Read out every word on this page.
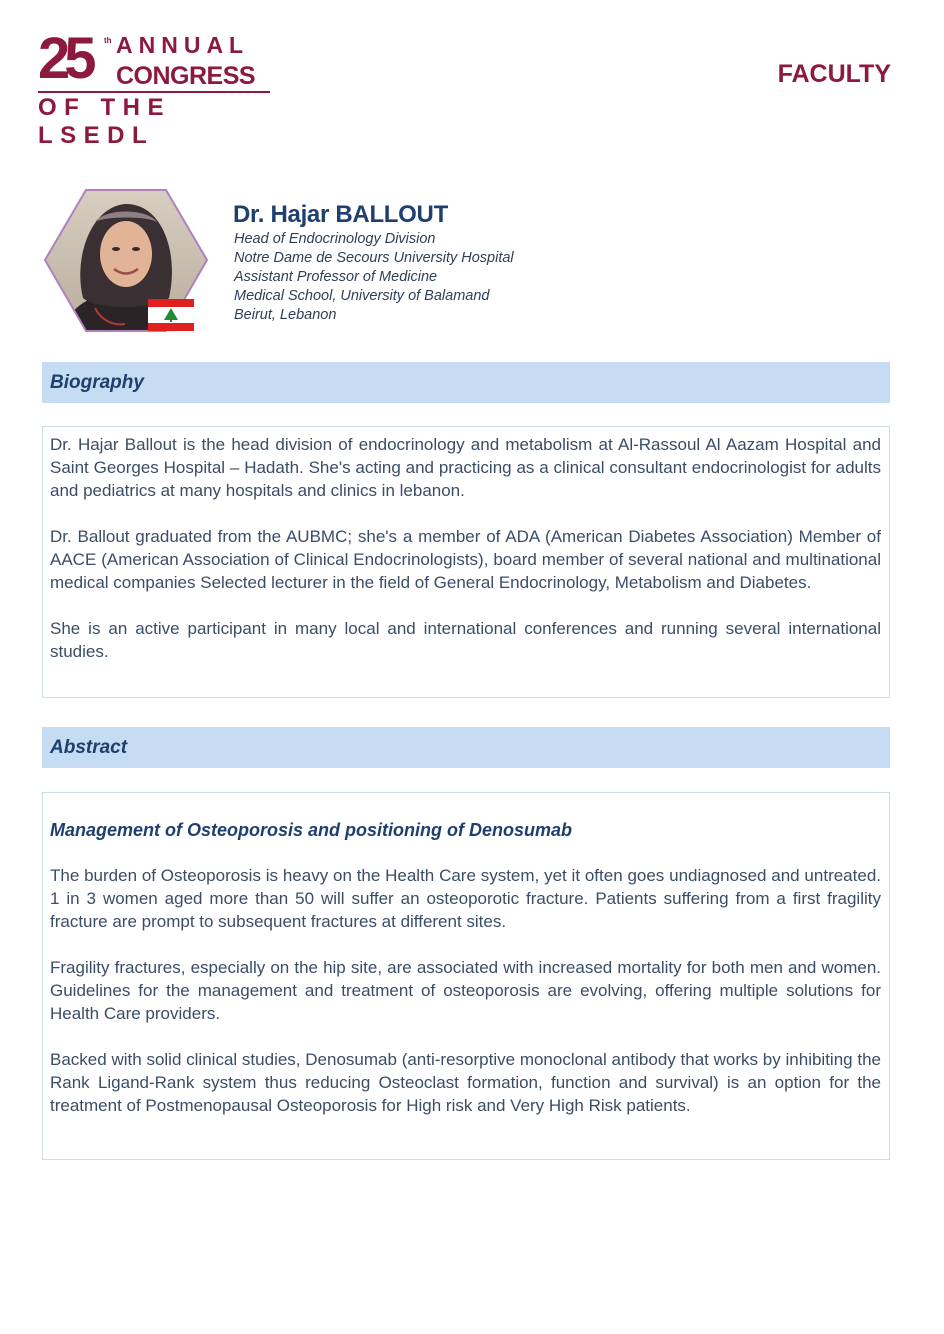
25 th ANNUAL
CONGRESS
OF THE LSEDL
FACULTY
Dr. Hajar BALLOUT
Head of Endocrinology Division
Notre Dame de Secours University Hospital
Assistant Professor of Medicine
Medical School, University of Balamand
Beirut, Lebanon
Biography

Dr. Hajar Ballout is the head division of endocrinology and metabolism at Al-Rassoul Al Aazam Hospital and Saint Georges Hospital – Hadath. She's acting and practicing as a clinical consultant endocrinologist for adults and pediatrics at many hospitals and clinics in lebanon.

Dr. Ballout graduated from the AUBMC; she's a member of ADA (American Diabetes Association) Member of AACE (American Association of Clinical Endocrinologists), board member of several national and multinational medical companies Selected lecturer in the field of General Endocrinology, Metabolism and Diabetes.

She is an active participant in many local and international conferences and running several international studies.

Abstract
Management of Osteoporosis and positioning of Denosumab

The burden of Osteoporosis is heavy on the Health Care system, yet it often goes undiagnosed and untreated. 1 in 3 women aged more than 50 will suffer an osteoporotic fracture. Patients suffering from a first fragility fracture are prompt to subsequent fractures at different sites.

Fragility fractures, especially on the hip site, are associated with increased mortality for both men and women. Guidelines for the management and treatment of osteoporosis are evolving, offering multiple solutions for Health Care providers.

Backed with solid clinical studies, Denosumab (anti-resorptive monoclonal antibody that works by inhibiting the Rank Ligand-Rank system thus reducing Osteoclast formation, function and survival) is an option for the treatment of Postmenopausal Osteoporosis for High risk and Very High Risk patients.
